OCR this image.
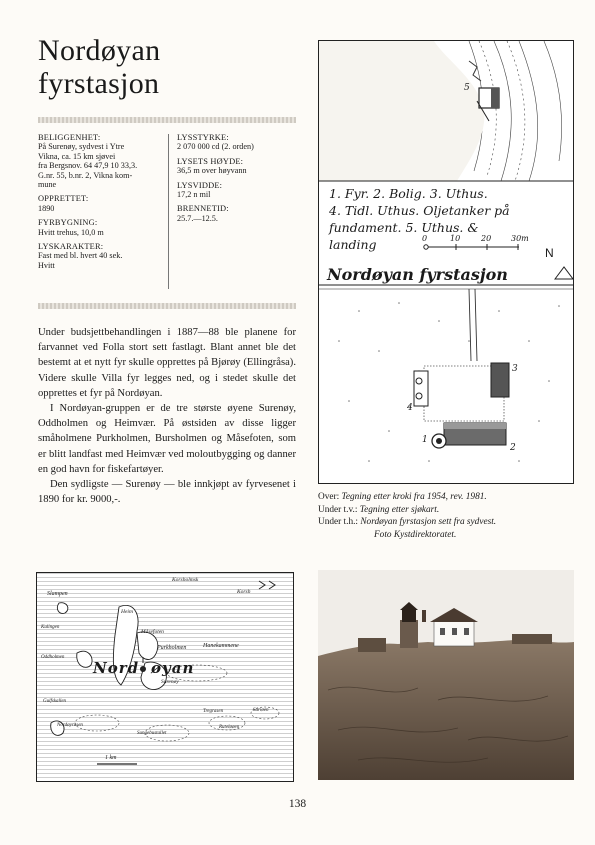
Nordøyan
fyrstasjon
BELIGGENHET:
På Surenøy, sydvest i Ytre
Vikna, ca. 15 km sjøvei
fra Bergsnov. 64 47,9 10 33,3.
G.nr. 55, b.nr. 2, Vikna kom-
mune
OPPRETTET:
1890
FYRBYGNING:
Hvitt trehus, 10,0 m
LYSKARAKTER:
Fast med bl. hvert 40 sek.
Hvitt
LYSSTYRKE:
2 070 000 cd (2. orden)
LYSETS HØYDE:
36,5 m over høyvann
LYSVIDDE:
17,2 n mil
BRENNETID:
25.7.—12.5.

Under budsjettbehandlingen i 1887—88 ble planene for farvannet ved Folla stort sett fastlagt. Blant annet ble det bestemt at et nytt fyr skulle opprettes på Bjørøy (Ellingråsa). Videre skulle Villa fyr legges ned, og i stedet skulle det opprettes et fyr på Nordøyan.

I Nordøyan-gruppen er de tre største øyene Surenøy, Oddholmen og Heimvær. På østsiden av disse ligger småholmene Purkholmen, Bursholmen og Måsefoten, som er blitt landfast med Heimvær ved moloutbygging og danner en god havn for fiskefartøyer.

Den sydligste — Surenøy — ble innkjøpt av fyrvesenet i 1890 for kr. 9000,-.

1. Fyr. 2. Bolig. 3. Uthus.
4. Tidl. Uthus. Oljetanker på
fundament. 5. Uthus. &
landing	0	10	20 30m
N
Nordøyan fyrstasjon
5
3
4
1
2
Over: Tegning etter kroki fra 1954, rev. 1981.
Under t.v.: Tegning etter sjøkart.
Under t.h.: Nordøyan fyrstasjon sett fra sydvest.
Foto Kystdirektoratet.
Nord øyan
Korsholmsk
Korsh
Slampen
Heim
Måsefoten
Purkholmen	Hanekammene
Kulingen
Oddholmen
Surenøy
Gulfskallen
Nordøyrasen
Sungebustallet
Tregrasen	Sariøen
Ruteløøen
1 km
138
